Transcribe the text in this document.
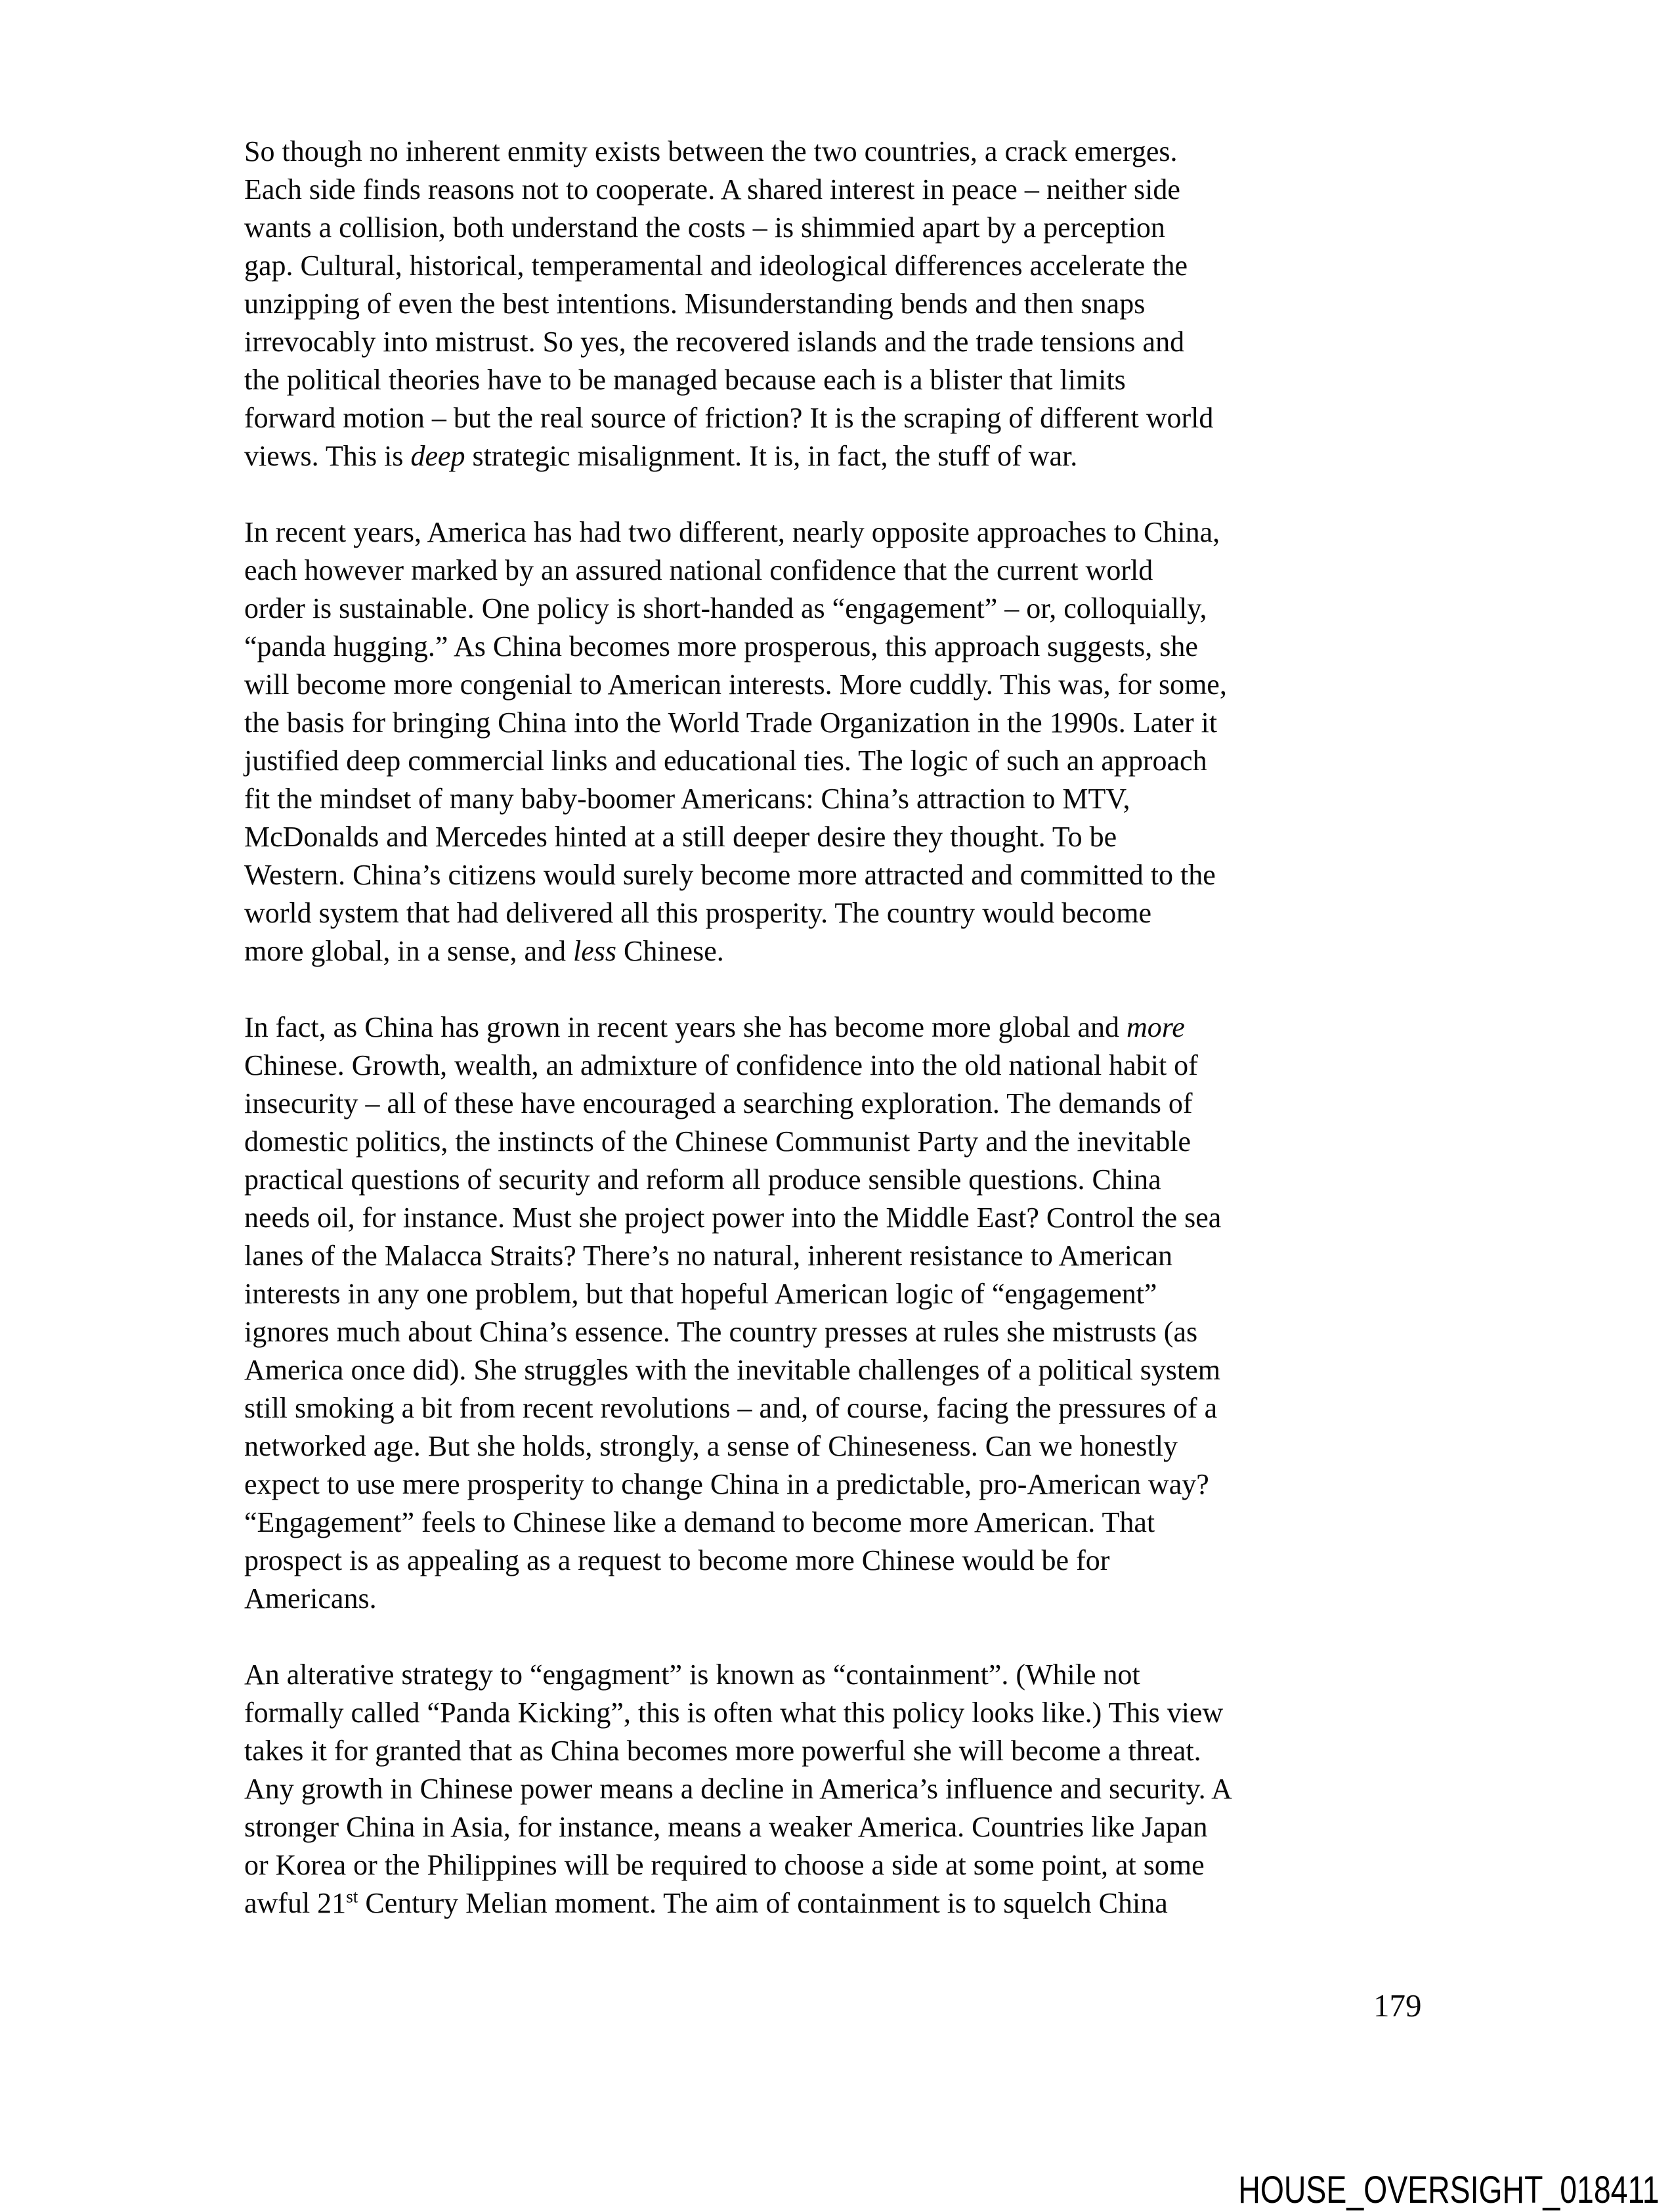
So though no inherent enmity exists between the two countries, a crack emerges.
Each side finds reasons not to cooperate. A shared interest in peace – neither side
wants a collision, both understand the costs – is shimmied apart by a perception
gap. Cultural, historical, temperamental and ideological differences accelerate the
unzipping of even the best intentions. Misunderstanding bends and then snaps
irrevocably into mistrust. So yes, the recovered islands and the trade tensions and
the political theories have to be managed because each is a blister that limits
forward motion – but the real source of friction? It is the scraping of different world
views. This is deep strategic misalignment. It is, in fact, the stuff of war.
In recent years, America has had two different, nearly opposite approaches to China,
each however marked by an assured national confidence that the current world
order is sustainable. One policy is short-handed as “engagement” – or, colloquially,
“panda hugging.” As China becomes more prosperous, this approach suggests, she
will become more congenial to American interests. More cuddly. This was, for some,
the basis for bringing China into the World Trade Organization in the 1990s. Later it
justified deep commercial links and educational ties. The logic of such an approach
fit the mindset of many baby-boomer Americans: China’s attraction to MTV,
McDonalds and Mercedes hinted at a still deeper desire they thought. To be
Western. China’s citizens would surely become more attracted and committed to the
world system that had delivered all this prosperity. The country would become
more global, in a sense, and less Chinese.
In fact, as China has grown in recent years she has become more global and more
Chinese. Growth, wealth, an admixture of confidence into the old national habit of
insecurity – all of these have encouraged a searching exploration. The demands of
domestic politics, the instincts of the Chinese Communist Party and the inevitable
practical questions of security and reform all produce sensible questions. China
needs oil, for instance. Must she project power into the Middle East? Control the sea
lanes of the Malacca Straits? There’s no natural, inherent resistance to American
interests in any one problem, but that hopeful American logic of “engagement”
ignores much about China’s essence. The country presses at rules she mistrusts (as
America once did). She struggles with the inevitable challenges of a political system
still smoking a bit from recent revolutions – and, of course, facing the pressures of a
networked age. But she holds, strongly, a sense of Chineseness. Can we honestly
expect to use mere prosperity to change China in a predictable, pro-American way?
“Engagement” feels to Chinese like a demand to become more American. That
prospect is as appealing as a request to become more Chinese would be for
Americans.
An alterative strategy to “engagment” is known as “containment”. (While not
formally called “Panda Kicking”, this is often what this policy looks like.) This view
takes it for granted that as China becomes more powerful she will become a threat.
Any growth in Chinese power means a decline in America’s influence and security. A
stronger China in Asia, for instance, means a weaker America. Countries like Japan
or Korea or the Philippines will be required to choose a side at some point, at some
awful 21st Century Melian moment. The aim of containment is to squelch China
179
HOUSE_OVERSIGHT_018411
